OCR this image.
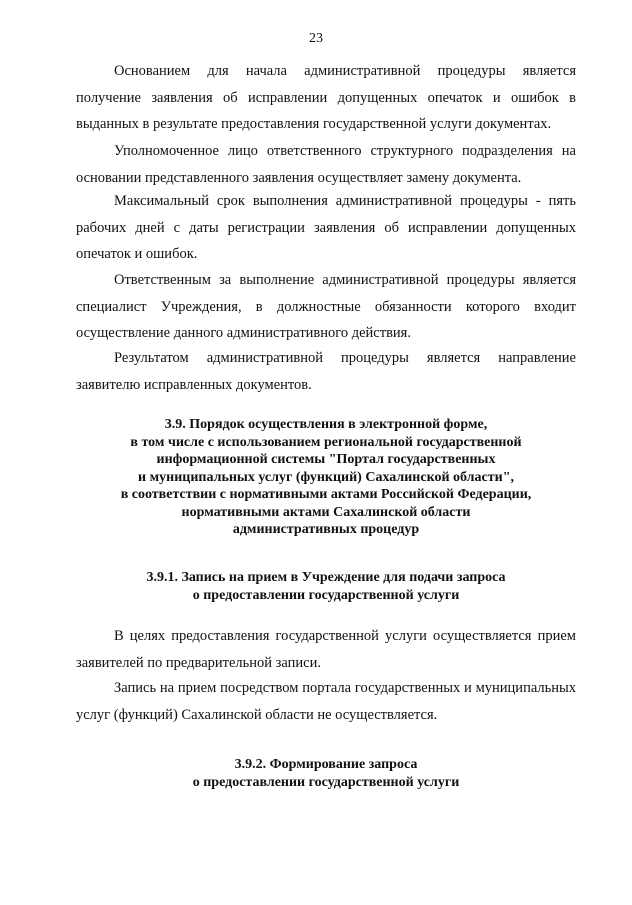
23

Основанием для начала административной процедуры является получение заявления об исправлении допущенных опечаток и ошибок в выданных в результате предоставления государственной услуги документах.

Уполномоченное лицо ответственного структурного подразделения на основании представленного заявления осуществляет замену документа.

Максимальный срок выполнения административной процедуры - пять рабочих дней с даты регистрации заявления об исправлении допущенных опечаток и ошибок.

Ответственным за выполнение административной процедуры является специалист Учреждения, в должностные обязанности которого входит осуществление данного административного действия.

Результатом административной процедуры является направление заявителю исправленных документов.

3.9. Порядок осуществления в электронной форме,
в том числе с использованием региональной государственной
информационной системы "Портал государственных
и муниципальных услуг (функций) Сахалинской области",
в соответствии с нормативными актами Российской Федерации,
нормативными актами Сахалинской области
административных процедур
3.9.1. Запись на прием в Учреждение для подачи запроса
о предоставлении государственной услуги

В целях предоставления государственной услуги осуществляется прием заявителей по предварительной записи.

Запись на прием посредством портала государственных и муниципальных услуг (функций) Сахалинской области не осуществляется.

3.9.2. Формирование запроса
о предоставлении государственной услуги
